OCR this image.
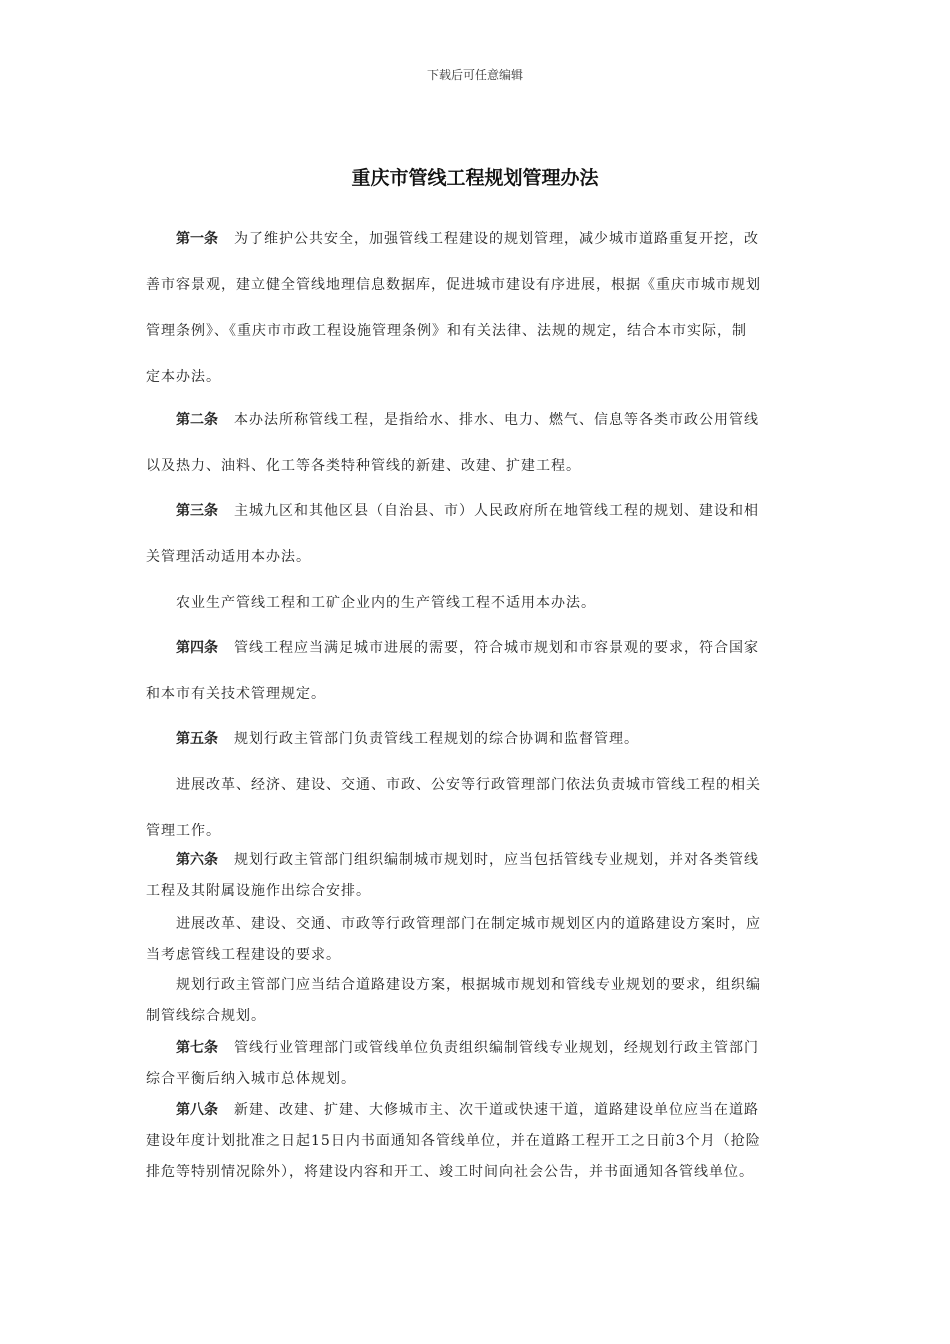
下载后可任意编辑
重庆市管线工程规划管理办法

第一条 为了维护公共安全，加强管线工程建设的规划管理，减少城市道路重复开挖，改
善市容景观，建立健全管线地理信息数据库，促进城市建设有序进展，根据《重庆市城市规划
管理条例》、《重庆市市政工程设施管理条例》和有关法律、法规的规定，结合本市实际，制
定本办法。

第二条 本办法所称管线工程，是指给水、排水、电力、燃气、信息等各类市政公用管线
以及热力、油料、化工等各类特种管线的新建、改建、扩建工程。

第三条 主城九区和其他区县（自治县、市）人民政府所在地管线工程的规划、建设和相
关管理活动适用本办法。

农业生产管线工程和工矿企业内的生产管线工程不适用本办法。

第四条 管线工程应当满足城市进展的需要，符合城市规划和市容景观的要求，符合国家
和本市有关技术管理规定。

第五条 规划行政主管部门负责管线工程规划的综合协调和监督管理。

进展改革、经济、建设、交通、市政、公安等行政管理部门依法负责城市管线工程的相关
管理工作。

第六条 规划行政主管部门组织编制城市规划时，应当包括管线专业规划，并对各类管线
工程及其附属设施作出综合安排。

进展改革、建设、交通、市政等行政管理部门在制定城市规划区内的道路建设方案时，应
当考虑管线工程建设的要求。

规划行政主管部门应当结合道路建设方案，根据城市规划和管线专业规划的要求，组织编
制管线综合规划。

第七条 管线行业管理部门或管线单位负责组织编制管线专业规划，经规划行政主管部门
综合平衡后纳入城市总体规划。

第八条 新建、改建、扩建、大修城市主、次干道或快速干道，道路建设单位应当在道路
建设年度计划批准之日起15日内书面通知各管线单位，并在道路工程开工之日前3个月（抢险
排危等特别情况除外），将建设内容和开工、竣工时间向社会公告，并书面通知各管线单位。
